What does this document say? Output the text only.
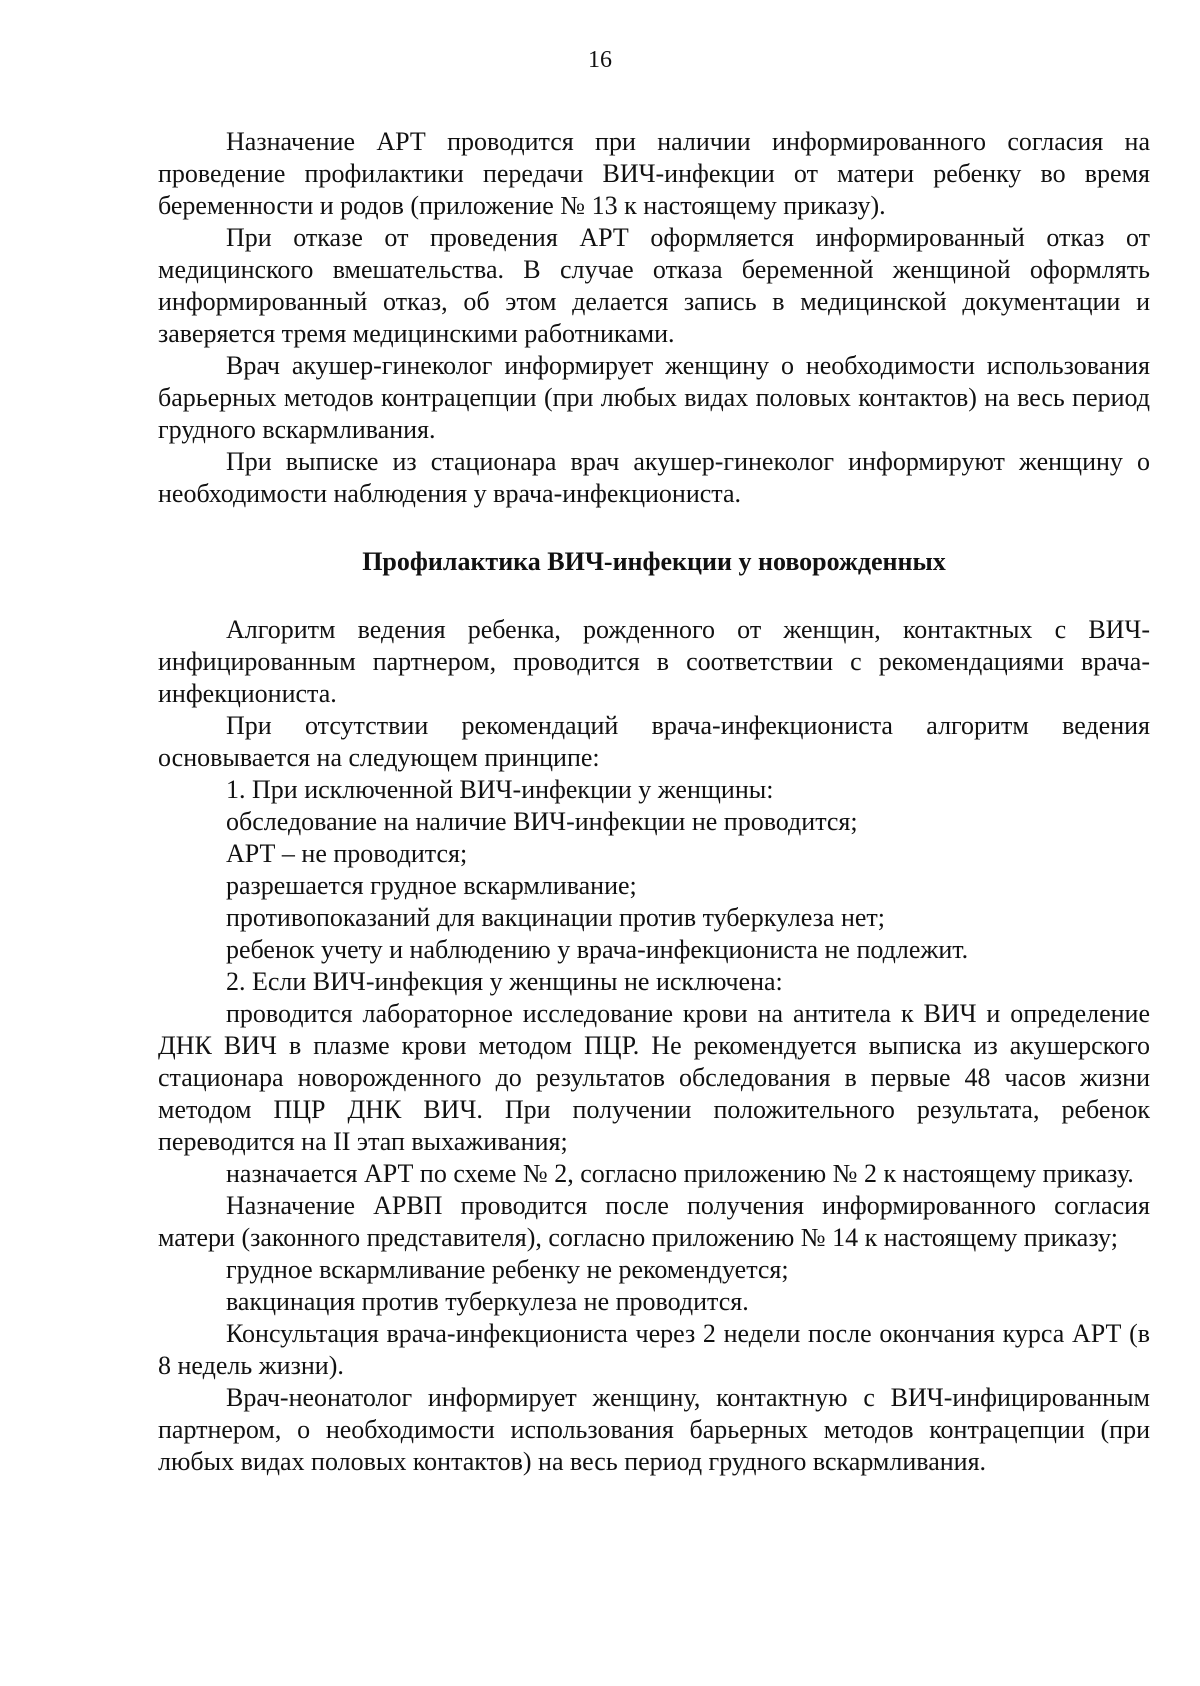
16

Назначение АРТ проводится при наличии информированного согласия на проведение профилактики передачи ВИЧ-инфекции от матери ребенку во время беременности и родов (приложение № 13 к настоящему приказу).

При отказе от проведения АРТ оформляется информированный отказ от медицинского вмешательства. В случае отказа беременной женщиной оформлять информированный отказ, об этом делается запись в медицинской документации и заверяется тремя медицинскими работниками.

Врач акушер-гинеколог информирует женщину о необходимости использования барьерных методов контрацепции (при любых видах половых контактов) на весь период грудного вскармливания.

При выписке из стационара врач акушер-гинеколог информируют женщину о необходимости наблюдения у врача-инфекциониста.

Профилактика ВИЧ-инфекции у новорожденных

Алгоритм ведения ребенка, рожденного от женщин, контактных с ВИЧ-инфицированным партнером, проводится в соответствии с рекомендациями врача-инфекциониста.

При отсутствии рекомендаций врача-инфекциониста алгоритм ведения основывается на следующем принципе:

1. При исключенной ВИЧ-инфекции у женщины:

обследование на наличие ВИЧ-инфекции не проводится;

АРТ – не проводится;

разрешается грудное вскармливание;

противопоказаний для вакцинации против туберкулеза нет;

ребенок учету и наблюдению у врача-инфекциониста не подлежит.

2. Если ВИЧ-инфекция у женщины не исключена:

проводится лабораторное исследование крови на антитела к ВИЧ и определение ДНК ВИЧ в плазме крови методом ПЦР. Не рекомендуется выписка из акушерского стационара новорожденного до результатов обследования в первые 48 часов жизни методом ПЦР ДНК ВИЧ. При получении положительного результата, ребенок переводится на II этап выхаживания;

назначается АРТ по схеме № 2, согласно приложению № 2 к настоящему приказу.

Назначение АРВП проводится после получения информированного согласия матери (законного представителя), согласно приложению № 14 к настоящему приказу;

грудное вскармливание ребенку не рекомендуется;

вакцинация против туберкулеза не проводится.

Консультация врача-инфекциониста через 2 недели после окончания курса АРТ (в 8 недель жизни).

Врач-неонатолог информирует женщину, контактную с ВИЧ-инфицированным партнером, о необходимости использования барьерных методов контрацепции (при любых видах половых контактов) на весь период грудного вскармливания.
